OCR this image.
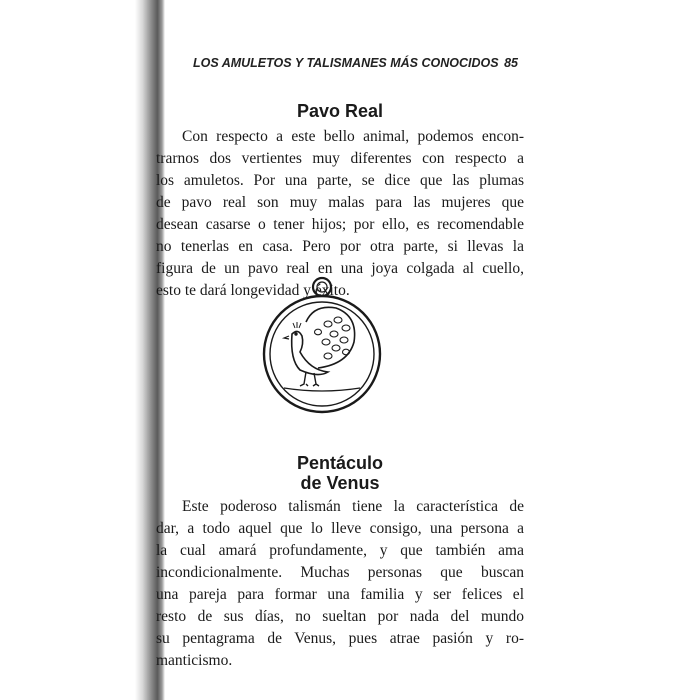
LOS AMULETOS Y TALISMANES MÁS CONOCIDOS 85
Pavo Real

Con respecto a este bello animal, podemos encon-
trarnos dos vertientes muy diferentes con respecto a
los amuletos. Por una parte, se dice que las plumas
de pavo real son muy malas para las mujeres que
desean casarse o tener hijos; por ello, es recomendable
no tenerlas en casa. Pero por otra parte, si llevas la
figura de un pavo real en una joya colgada al cuello,
esto te dará longevidad y éxito.

Pentáculo
de Venus

Este poderoso talismán tiene la característica de
dar, a todo aquel que lo lleve consigo, una persona a
la cual amará profundamente, y que también ama
incondicionalmente. Muchas personas que buscan
una pareja para formar una familia y ser felices el
resto de sus días, no sueltan por nada del mundo
su pentagrama de Venus, pues atrae pasión y ro-
manticismo.
